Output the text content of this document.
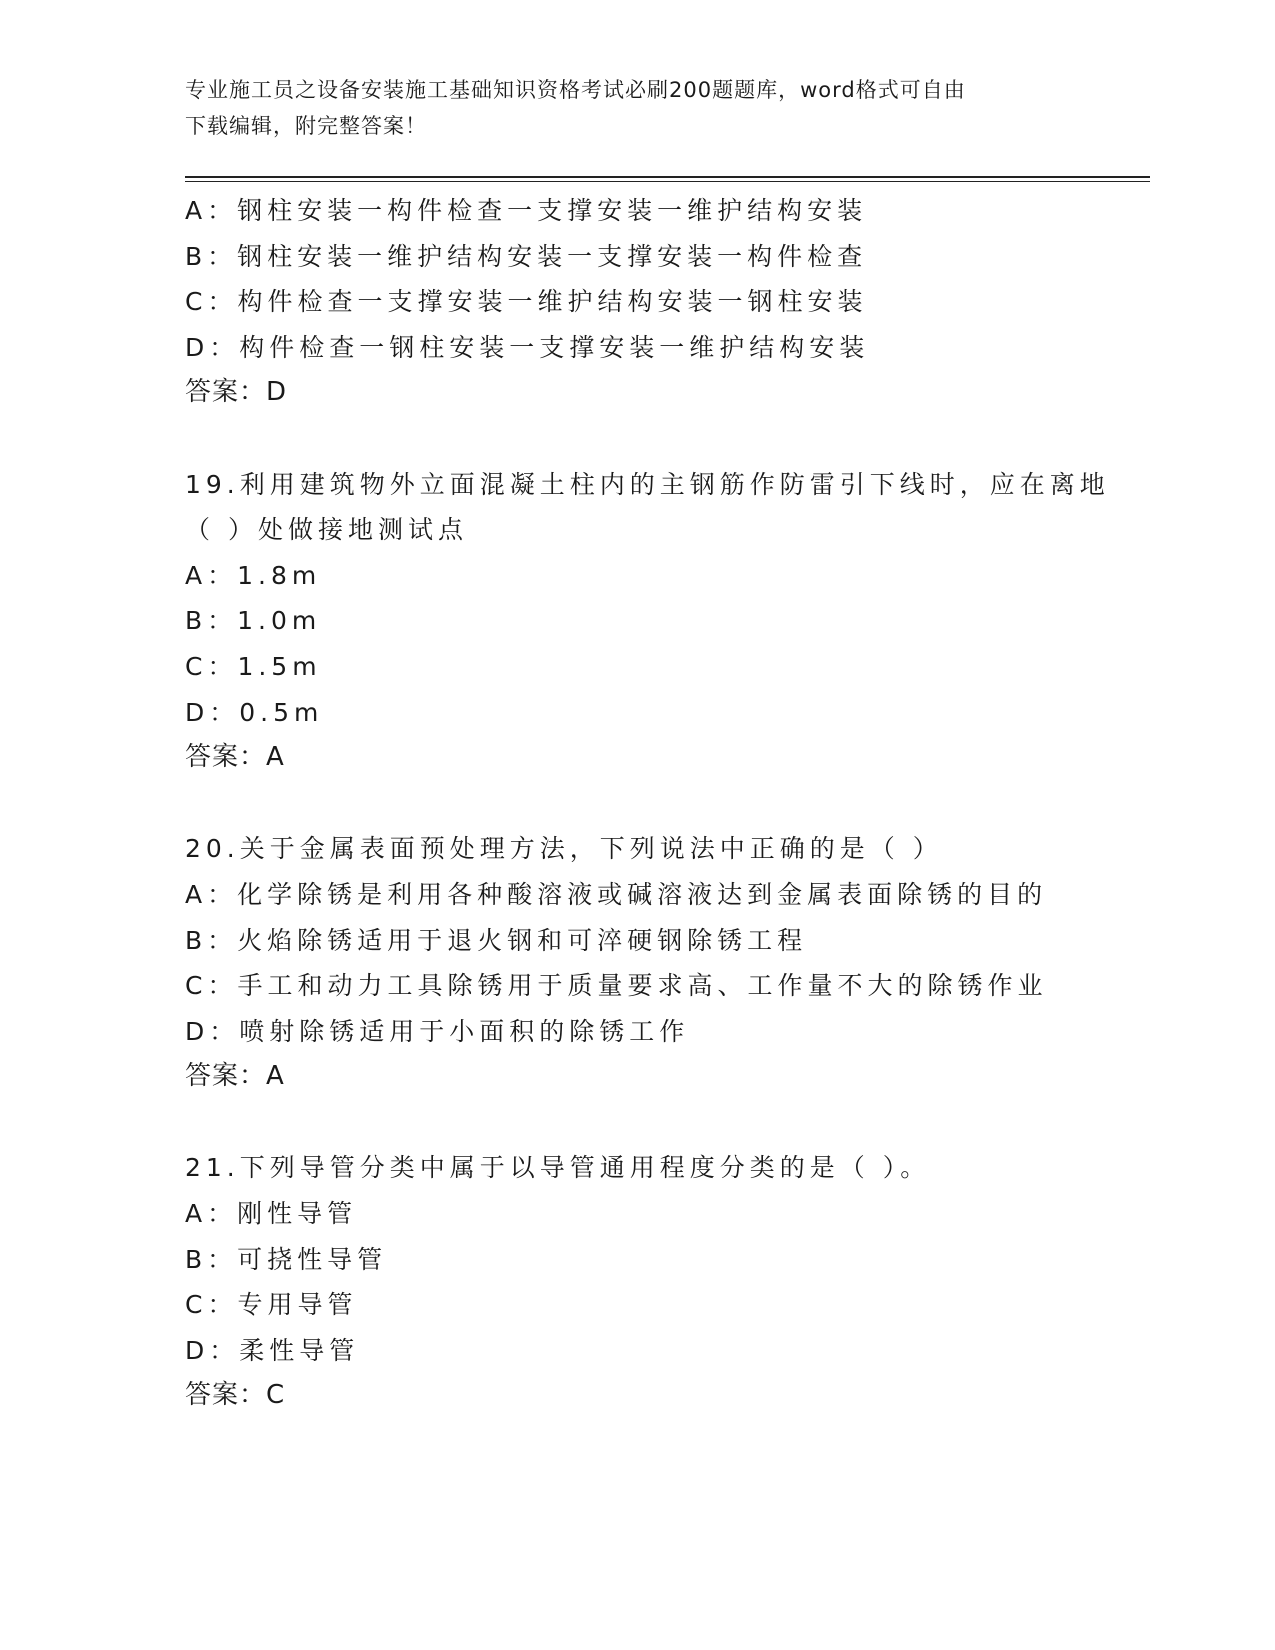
专业施工员之设备安装施工基础知识资格考试必刷200题题库，word格式可自由
下载编辑，附完整答案！
A：钢柱安装一构件检查一支撑安装一维护结构安装
B：钢柱安装一维护结构安装一支撑安装一构件检查
C：构件检查一支撑安装一维护结构安装一钢柱安装
D：构件检查一钢柱安装一支撑安装一维护结构安装
答案：D
19.利用建筑物外立面混凝土柱内的主钢筋作防雷引下线时，应在离地
（ ）处做接地测试点
A：1.8m
B：1.0m
C：1.5m
D：0.5m
答案：A
20.关于金属表面预处理方法，下列说法中正确的是（ ）
A：化学除锈是利用各种酸溶液或碱溶液达到金属表面除锈的目的
B：火焰除锈适用于退火钢和可淬硬钢除锈工程
C：手工和动力工具除锈用于质量要求高、工作量不大的除锈作业
D：喷射除锈适用于小面积的除锈工作
答案：A
21.下列导管分类中属于以导管通用程度分类的是（ ）。
A：刚性导管
B：可挠性导管
C：专用导管
D：柔性导管
答案：C
